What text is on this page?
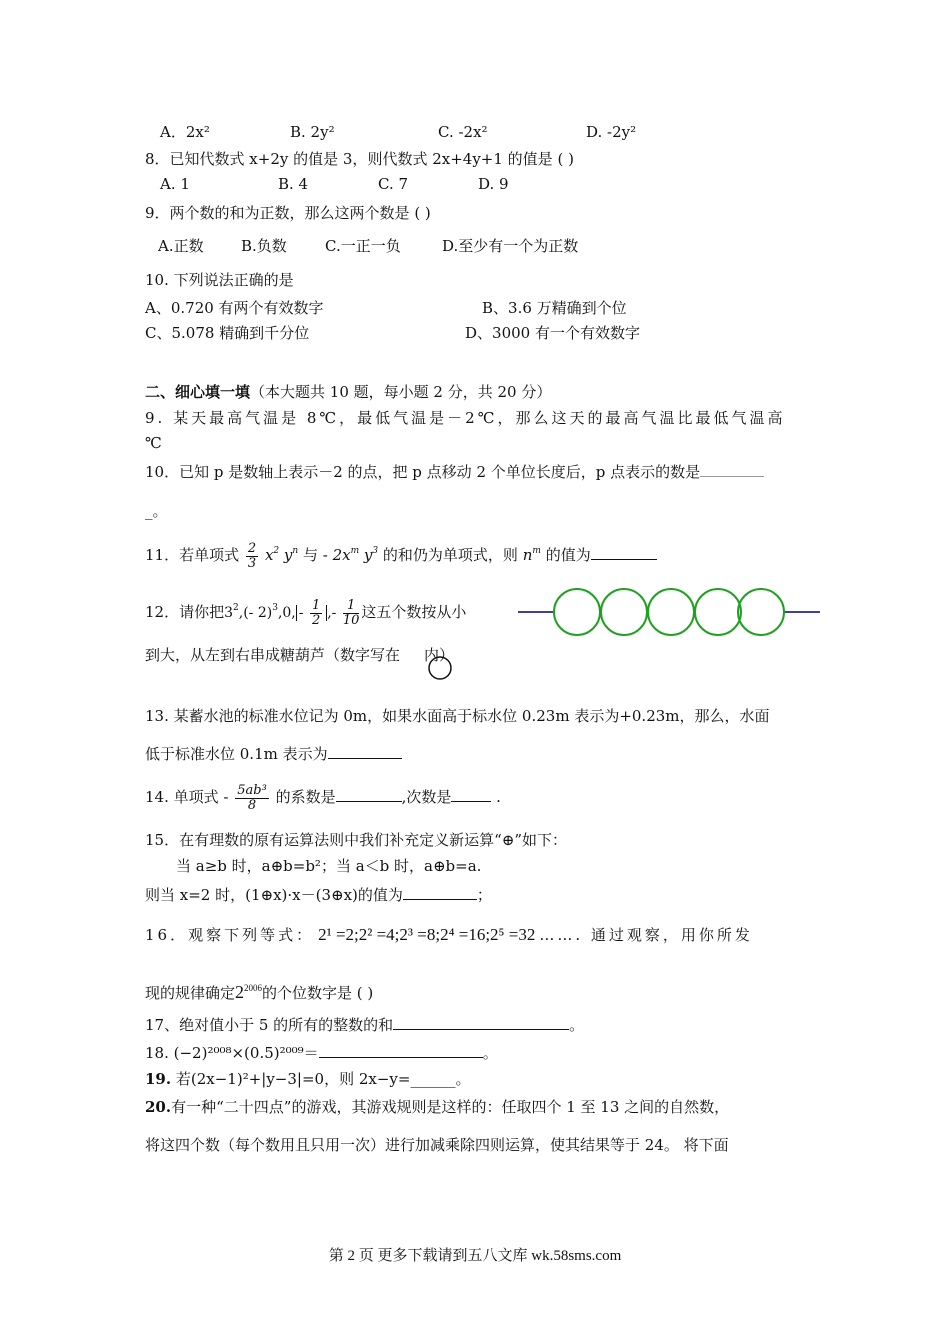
A．2x²	B. 2y²	C. -2x²	D. -2y²
8．已知代数式 x+2y 的值是 3，则代数式 2x+4y+1 的值是 ( )
A. 1	B. 4	C. 7	D. 9
9．两个数的和为正数，那么这两个数是 ( )
A.正数 B.负数	C.一正一负	D.至少有一个为正数
10. 下列说法正确的是
A、0.720 有两个有效数字	B、3.6 万精确到个位
C、5.078 精确到千分位	D、3000 有一个有效数字
二、细心填一填（本大题共 10 题，每小题 2 分，共 20 分）
9. 某天最高气温是 8℃，最低气温是－2℃，那么这天的最高气温比最低气温高
℃
10．已知 p 是数轴上表示－2 的点，把 p 点移动 2 个单位长度后，p 点表示的数是
_。
11．若单项式 $\frac{2}{3} x^2$ $y^n$ 与 - $2x^m$ $y^3$ 的和仍为单项式，则 $n^m$ 的值为
12．请你把$3^2,(-$ 2)$^3$,0, - $\frac{1}{2}$ ,- $\frac{1}{10}$ 这五个数按从小
到大，从左到右串成糖葫芦（数字写在 内）
13. 某蓄水池的标准水位记为 0m，如果水面高于标水位 0.23m 表示为+0.23m，那么，水面
低于标准水位 0.1m 表示为
14. 单项式 - $\frac{\text{5ab³}}{8}$ 的系数是	,次数是	.
15．在有理数的原有运算法则中我们补充定义新运算“⊕”如下：
当 a≥b 时，a⊕b=b²；当 a＜b 时，a⊕b=a.
则当 x=2 时，(1⊕x)·x－(3⊕x)的值为	；
16．观察下列等式： 2¹ =2;2² =4;2³ =8;2⁴ =16;2⁵ =32 ……. 通过观察，用你所发
现的规律确定$2^{2006}$的个位数字是 ( )
17、绝对值小于 5 的所有的整数的和	。
18. (−2)²⁰⁰⁸×(0.5)²⁰⁰⁹＝	。
19. 若(2x−1)²+|y−3|=0，则 2x−y=______。
20.有一种“二十四点”的游戏，其游戏规则是这样的：任取四个 1 至 13 之间的自然数，
将这四个数（每个数用且只用一次）进行加减乘除四则运算，使其结果等于 24。 将下面
第 2 页 更多下载请到五八文库 wk.58sms.com
